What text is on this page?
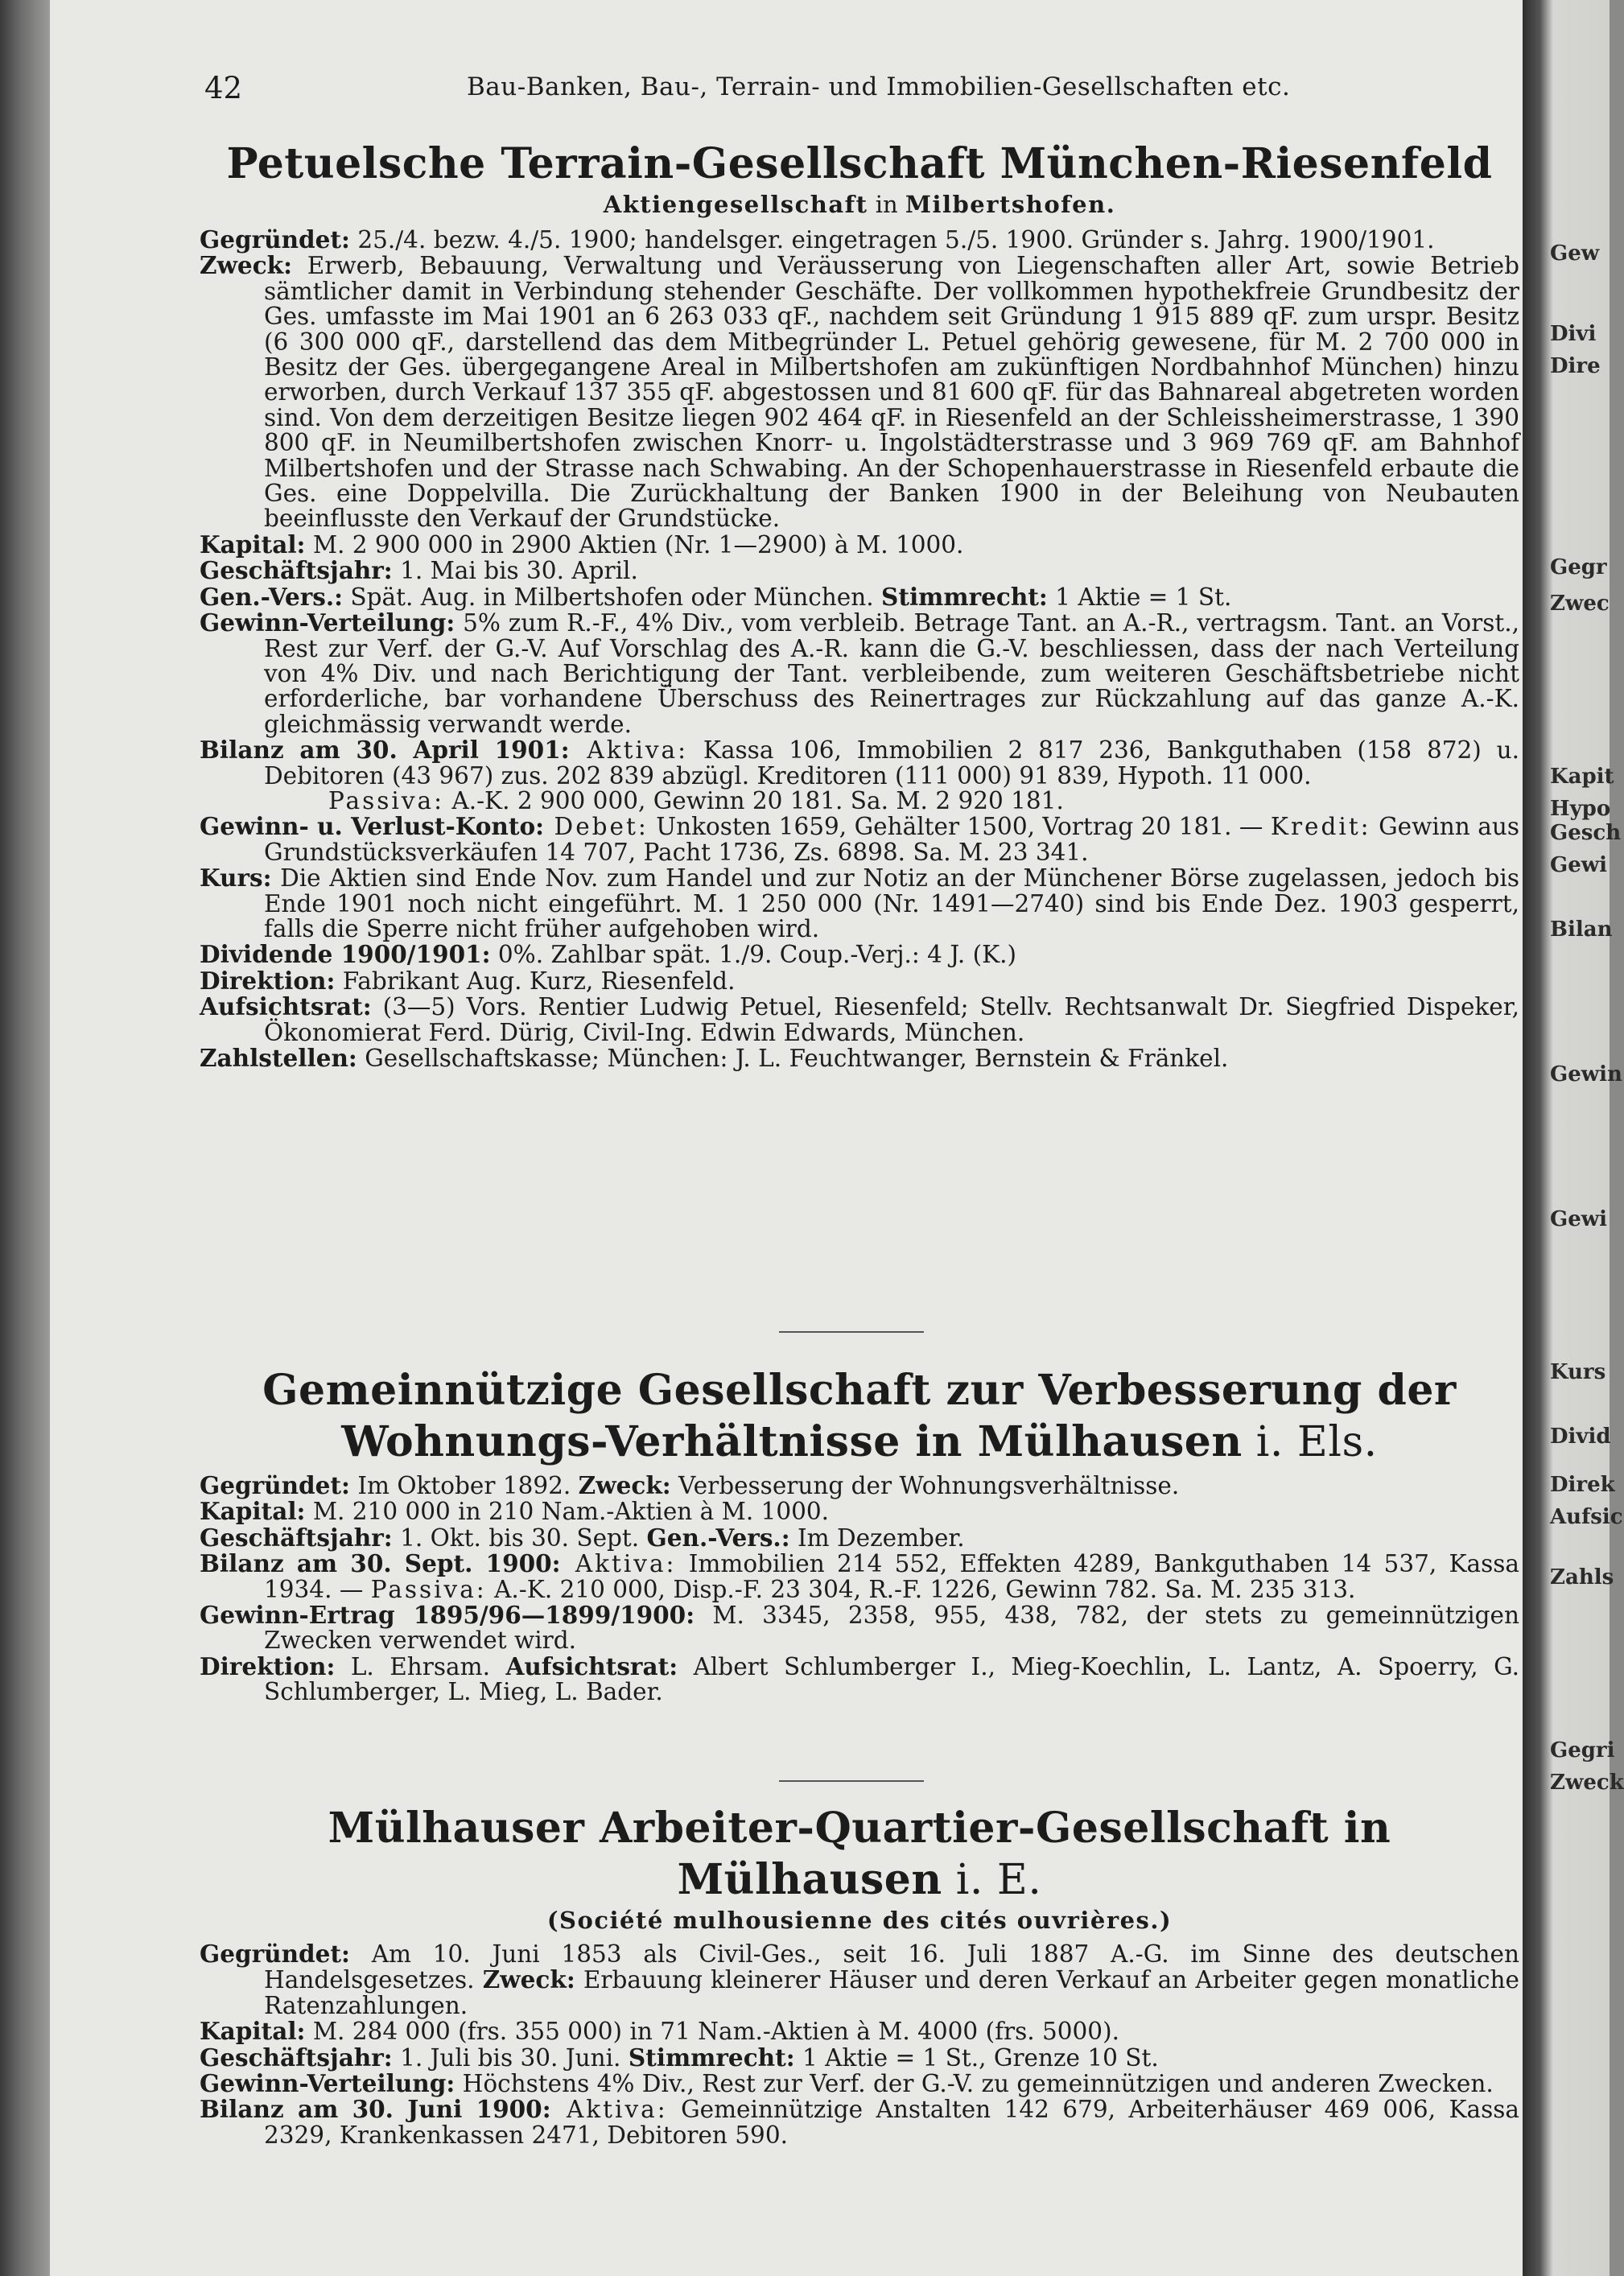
42	Bau-Banken, Bau-, Terrain- und Immobilien-Gesellschaften etc.
Petuelsche Terrain-Gesellschaft München-Riesenfeld

Aktiengesellschaft in Milbertshofen.

Gegründet: 25./4. bezw. 4./5. 1900; handelsger. eingetragen 5./5. 1900. Gründer s. Jahrg. 1900/1901.

Zweck: Erwerb, Bebauung, Verwaltung und Veräusserung von Liegenschaften aller Art, sowie Betrieb sämtlicher damit in Verbindung stehender Geschäfte. Der vollkommen hypothekfreie Grundbesitz der Ges. umfasste im Mai 1901 an 6 263 033 qF., nachdem seit Gründung 1 915 889 qF. zum urspr. Besitz (6 300 000 qF., darstellend das dem Mitbegründer L. Petuel gehörig gewesene, für M. 2 700 000 in Besitz der Ges. übergegangene Areal in Milbertshofen am zukünftigen Nordbahnhof München) hinzu erworben, durch Verkauf 137 355 qF. abgestossen und 81 600 qF. für das Bahnareal abgetreten worden sind. Von dem derzeitigen Besitze liegen 902 464 qF. in Riesenfeld an der Schleissheimerstrasse, 1 390 800 qF. in Neumilbertshofen zwischen Knorr- u. Ingolstädterstrasse und 3 969 769 qF. am Bahnhof Milbertshofen und der Strasse nach Schwabing. An der Schopenhauerstrasse in Riesenfeld erbaute die Ges. eine Doppelvilla. Die Zurückhaltung der Banken 1900 in der Beleihung von Neubauten beeinflusste den Verkauf der Grundstücke.

Kapital: M. 2 900 000 in 2900 Aktien (Nr. 1—2900) à M. 1000.

Geschäftsjahr: 1. Mai bis 30. April.

Gen.-Vers.: Spät. Aug. in Milbertshofen oder München. Stimmrecht: 1 Aktie = 1 St.

Gewinn-Verteilung: 5% zum R.-F., 4% Div., vom verbleib. Betrage Tant. an A.-R., vertragsm. Tant. an Vorst., Rest zur Verf. der G.-V. Auf Vorschlag des A.-R. kann die G.-V. beschliessen, dass der nach Verteilung von 4% Div. und nach Berichtigung der Tant. verbleibende, zum weiteren Geschäftsbetriebe nicht erforderliche, bar vorhandene Überschuss des Reinertrages zur Rückzahlung auf das ganze A.-K. gleichmässig verwandt werde.

Bilanz am 30. April 1901: Aktiva: Kassa 106, Immobilien 2 817 236, Bankguthaben (158 872) u. Debitoren (43 967) zus. 202 839 abzügl. Kreditoren (111 000) 91 839, Hypoth. 11 000.

Passiva: A.-K. 2 900 000, Gewinn 20 181. Sa. M. 2 920 181.

Gewinn- u. Verlust-Konto: Debet: Unkosten 1659, Gehälter 1500, Vortrag 20 181. — Kredit: Gewinn aus Grundstücksverkäufen 14 707, Pacht 1736, Zs. 6898. Sa. M. 23 341.

Kurs: Die Aktien sind Ende Nov. zum Handel und zur Notiz an der Münchener Börse zugelassen, jedoch bis Ende 1901 noch nicht eingeführt. M. 1 250 000 (Nr. 1491—2740) sind bis Ende Dez. 1903 gesperrt, falls die Sperre nicht früher aufgehoben wird.

Dividende 1900/1901: 0%. Zahlbar spät. 1./9. Coup.-Verj.: 4 J. (K.)

Direktion: Fabrikant Aug. Kurz, Riesenfeld.

Aufsichtsrat: (3—5) Vors. Rentier Ludwig Petuel, Riesenfeld; Stellv. Rechtsanwalt Dr. Siegfried Dispeker, Ökonomierat Ferd. Dürig, Civil-Ing. Edwin Edwards, München.

Zahlstellen: Gesellschaftskasse; München: J. L. Feuchtwanger, Bernstein & Fränkel.

Gemeinnützige Gesellschaft zur Verbesserung der
Wohnungs-Verhältnisse in Mülhausen i. Els.

Gegründet: Im Oktober 1892. Zweck: Verbesserung der Wohnungsverhältnisse.

Kapital: M. 210 000 in 210 Nam.-Aktien à M. 1000.

Geschäftsjahr: 1. Okt. bis 30. Sept. Gen.-Vers.: Im Dezember.

Bilanz am 30. Sept. 1900: Aktiva: Immobilien 214 552, Effekten 4289, Bankguthaben 14 537, Kassa 1934. — Passiva: A.-K. 210 000, Disp.-F. 23 304, R.-F. 1226, Gewinn 782. Sa. M. 235 313.

Gewinn-Ertrag 1895/96—1899/1900: M. 3345, 2358, 955, 438, 782, der stets zu gemeinnützigen Zwecken verwendet wird.

Direktion: L. Ehrsam. Aufsichtsrat: Albert Schlumberger I., Mieg-Koechlin, L. Lantz, A. Spoerry, G. Schlumberger, L. Mieg, L. Bader.

Mülhauser Arbeiter-Quartier-Gesellschaft in Mülhausen i. E.

(Société mulhousienne des cités ouvrières.)

Gegründet: Am 10. Juni 1853 als Civil-Ges., seit 16. Juli 1887 A.-G. im Sinne des deutschen Handelsgesetzes. Zweck: Erbauung kleinerer Häuser und deren Verkauf an Arbeiter gegen monatliche Ratenzahlungen.

Kapital: M. 284 000 (frs. 355 000) in 71 Nam.-Aktien à M. 4000 (frs. 5000).

Geschäftsjahr: 1. Juli bis 30. Juni. Stimmrecht: 1 Aktie = 1 St., Grenze 10 St.

Gewinn-Verteilung: Höchstens 4% Div., Rest zur Verf. der G.-V. zu gemeinnützigen und anderen Zwecken.

Bilanz am 30. Juni 1900: Aktiva: Gemeinnützige Anstalten 142 679, Arbeiterhäuser 469 006, Kassa 2329, Krankenkassen 2471, Debitoren 590.

Gew
Divi
Dire
Gegr
Zwec
Kapit
Hypo
Gesch
Gewi
Bilan
Gewin
Gewi
Kurs
Divid
Direk
Aufsic
Zahls
Gegri
Zweck
